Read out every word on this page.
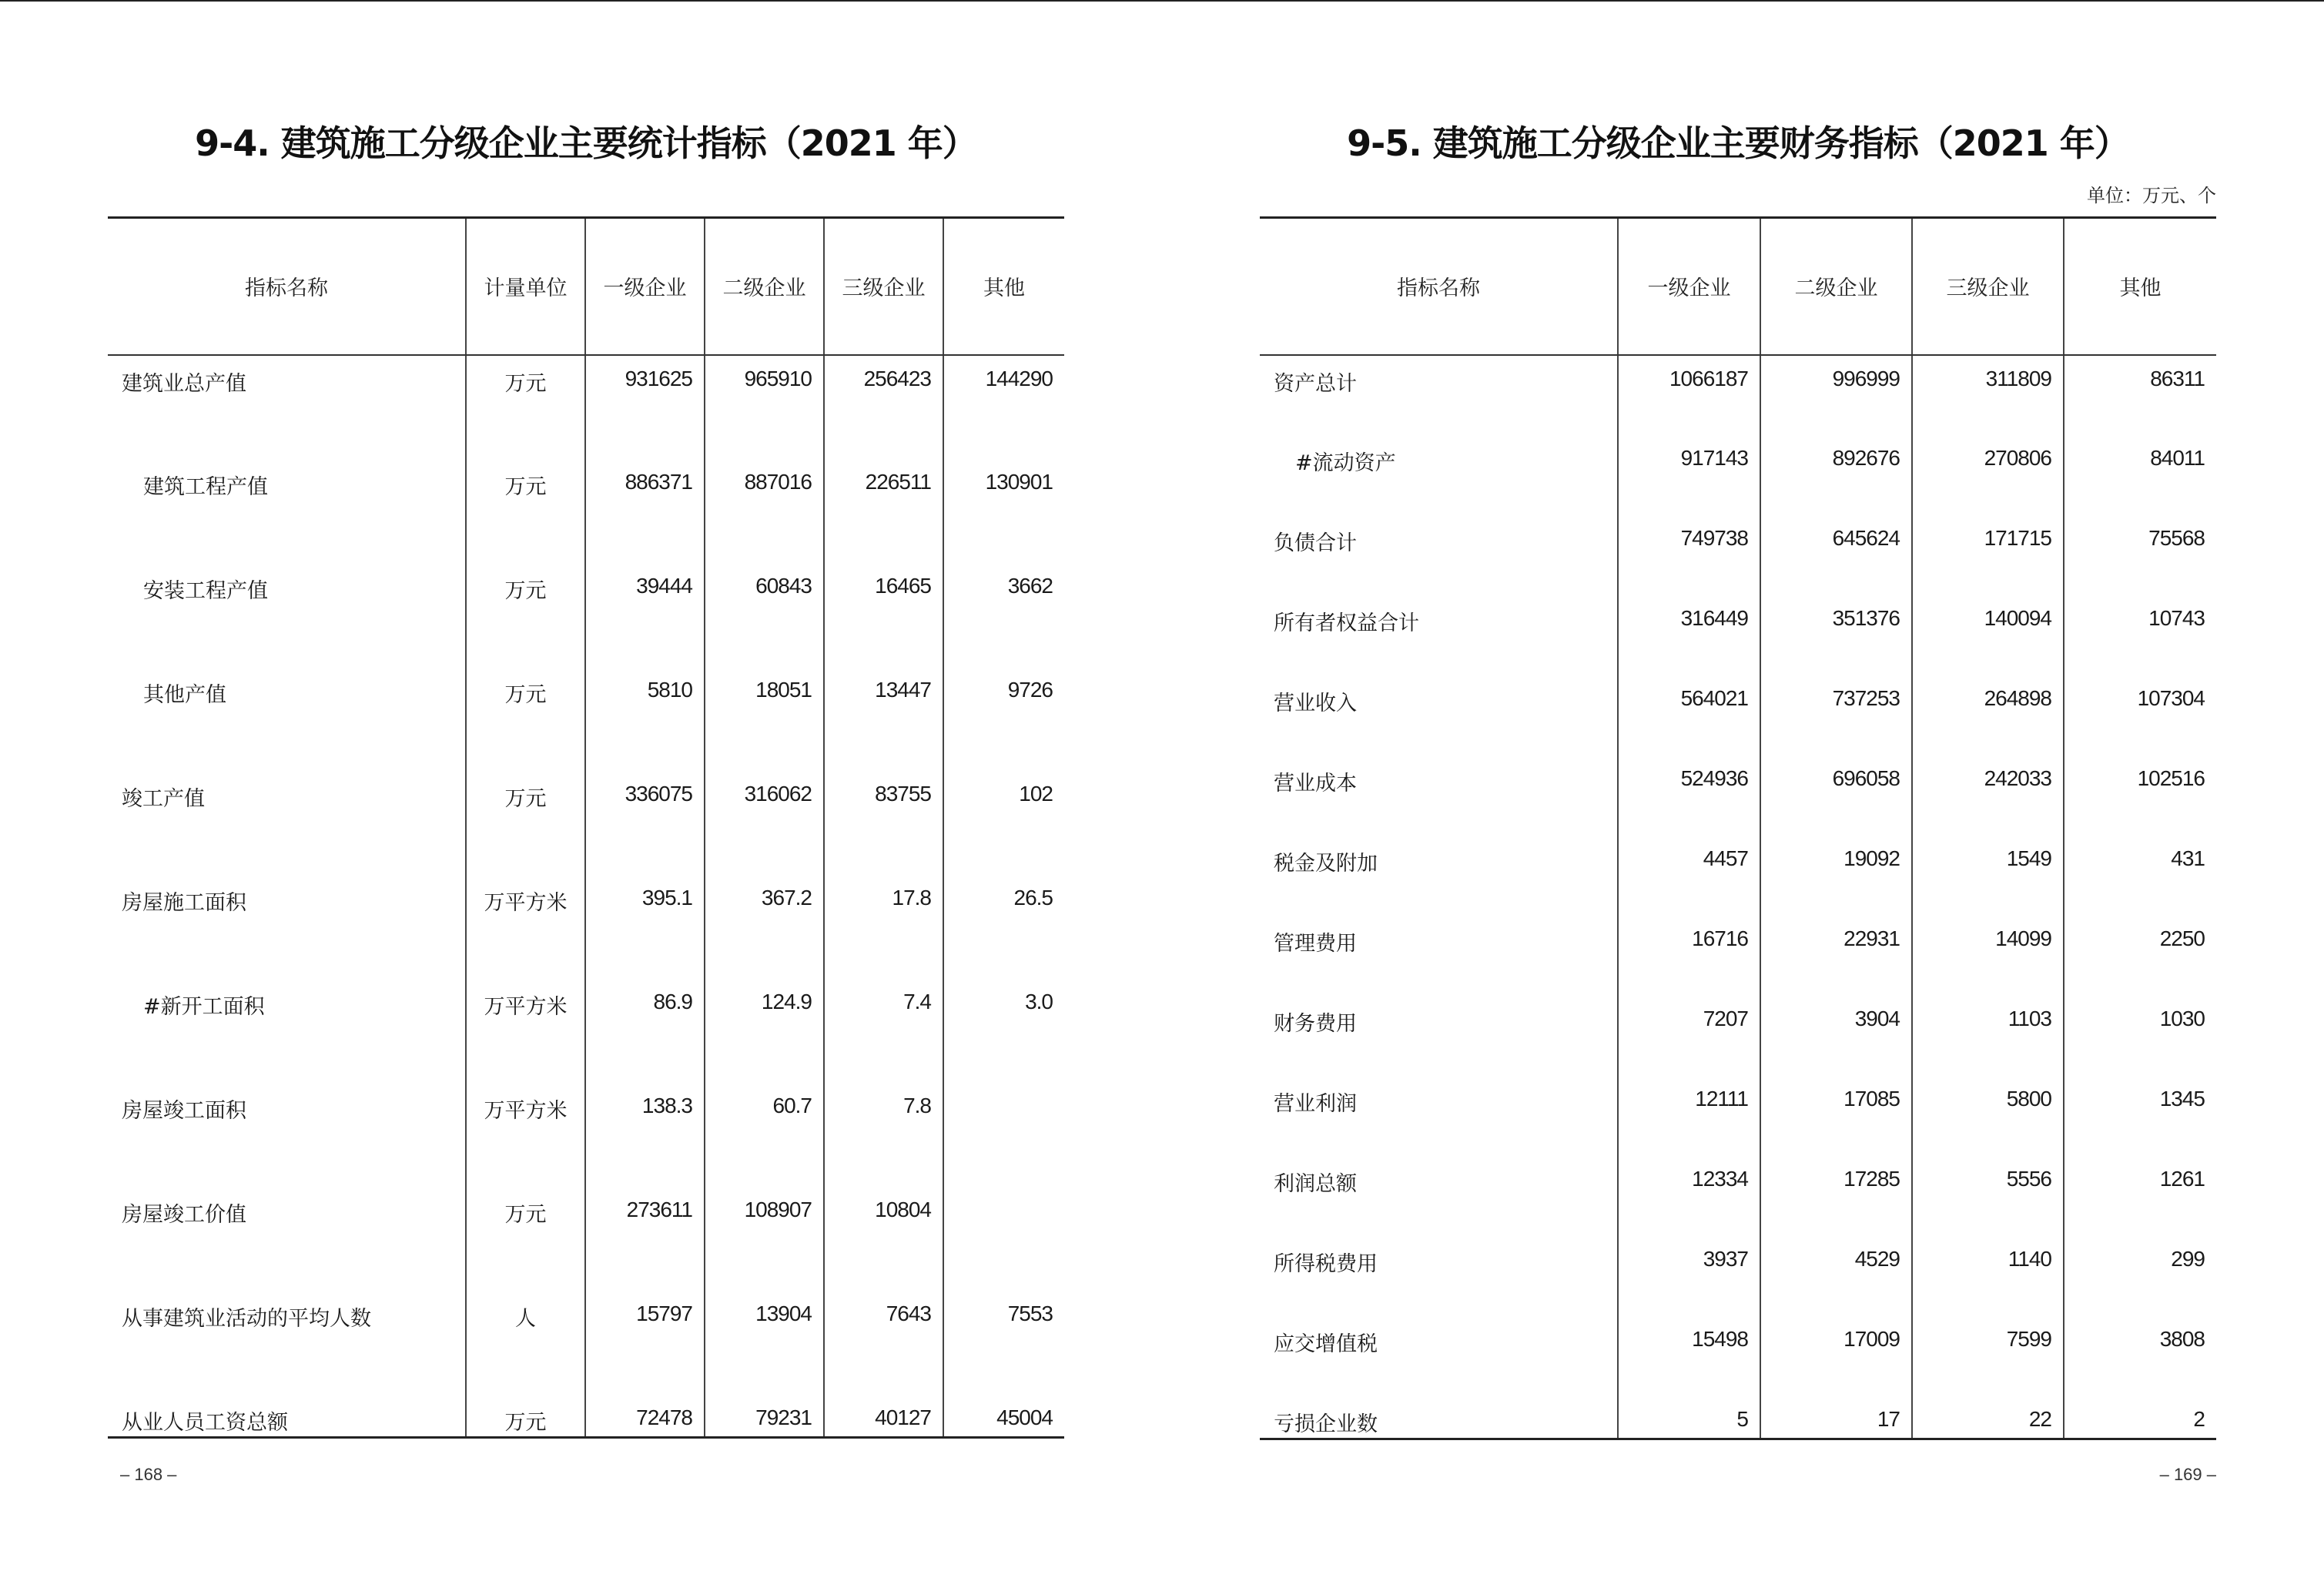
9-4. 建筑施工分级企业主要统计指标（2021 年）
指标名称	计量单位	一级企业	二级企业	三级企业	其他
建筑业总产值	万元	931625	965910	256423	144290
建筑工程产值	万元	886371	887016	226511	130901
安装工程产值	万元	39444	60843	16465	3662
其他产值	万元	5810	18051	13447	9726
竣工产值	万元	336075	316062	83755	102
房屋施工面积	万平方米	395.1	367.2	17.8	26.5
#新开工面积	万平方米	86.9	124.9	7.4	3.0
房屋竣工面积	万平方米	138.3	60.7	7.8	
房屋竣工价值	万元	273611	108907	10804	
从事建筑业活动的平均人数	人	15797	13904	7643	7553
从业人员工资总额	万元	72478	79231	40127	45004
– 168 –
9-5. 建筑施工分级企业主要财务指标（2021 年）
单位：万元、个
指标名称	一级企业	二级企业	三级企业	其他
资产总计	1066187	996999	311809	86311
#流动资产	917143	892676	270806	84011
负债合计	749738	645624	171715	75568
所有者权益合计	316449	351376	140094	10743
营业收入	564021	737253	264898	107304
营业成本	524936	696058	242033	102516
税金及附加	4457	19092	1549	431
管理费用	16716	22931	14099	2250
财务费用	7207	3904	1103	1030
营业利润	12111	17085	5800	1345
利润总额	12334	17285	5556	1261
所得税费用	3937	4529	1140	299
应交增值税	15498	17009	7599	3808
亏损企业数	5	17	22	2
– 169 –
